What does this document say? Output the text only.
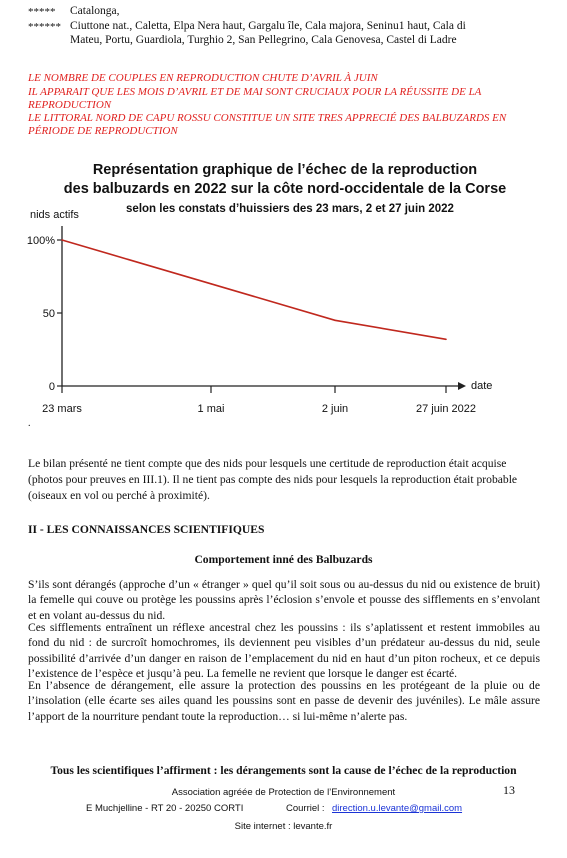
***** Catalonga,
****** Ciuttone nat., Caletta, Elpa Nera haut, Gargalu île, Cala majora, Seninu1 haut, Cala di
Mateu, Portu, Guardiola, Turghio 2, San Pellegrino, Cala Genovesa, Castel di Ladre
LE NOMBRE DE COUPLES EN REPRODUCTION CHUTE D’AVRIL À JUIN
IL APPARAIT QUE LES MOIS D’AVRIL ET DE MAI SONT CRUCIAUX POUR LA RÉUSSITE DE LA
REPRODUCTION
LE LITTORAL NORD DE CAPU ROSSU CONSTITUE UN SITE TRES APPRECIÉ DES BALBUZARDS EN
PÉRIODE DE REPRODUCTION
Représentation graphique de l’échec de la reproduction
des balbuzards en 2022 sur la côte nord-occidentale de la Corse
selon les constats d’huissiers des 23 mars, 2 et 27 juin 2022
nids actifs
date
100%
50
0
23 mars	1 mai	2 juin	27 juin 2022
.
Le bilan présenté ne tient compte que des nids pour lesquels une certitude de reproduction était acquise (photos pour preuves en III.1). Il ne tient pas compte des nids pour lesquels la reproduction était probable (oiseaux en vol ou perché à proximité).
II - LES CONNAISSANCES SCIENTIFIQUES
Comportement inné des Balbuzards
S’ils sont dérangés (approche d’un « étranger » quel qu’il soit sous ou au-dessus du nid ou existence de bruit) la femelle qui couve ou protège les poussins après l’éclosion s’envole et pousse des sifflements en s’envolant et en volant au-dessus du nid.
Ces sifflements entraînent un réflexe ancestral chez les poussins : ils s’aplatissent et restent immobiles au fond du nid : de surcroît homochromes, ils deviennent peu visibles d’un prédateur au-dessus du nid, seule possibilité d’arrivée d’un danger en raison de l’emplacement du nid en haut d’un piton rocheux, et ce depuis l’existence de l’espèce et jusqu’à peu. La femelle ne revient que lorsque le danger est écarté.
En l’absence de dérangement, elle assure la protection des poussins en les protégeant de la pluie ou de l’insolation (elle écarte ses ailes quand les poussins sont en passe de devenir des juvéniles). Le mâle assure l’apport de la nourriture pendant toute la reproduction… si lui-même n’alerte pas.
Tous les scientifiques l’affirment : les dérangements sont la cause de l’échec de la reproduction
Association agréée de Protection de l’Environnement	13
E Muchjelline - RT 20 - 20250 CORTI	Courriel : direction.u.levante@gmail.com
Site internet : levante.fr
